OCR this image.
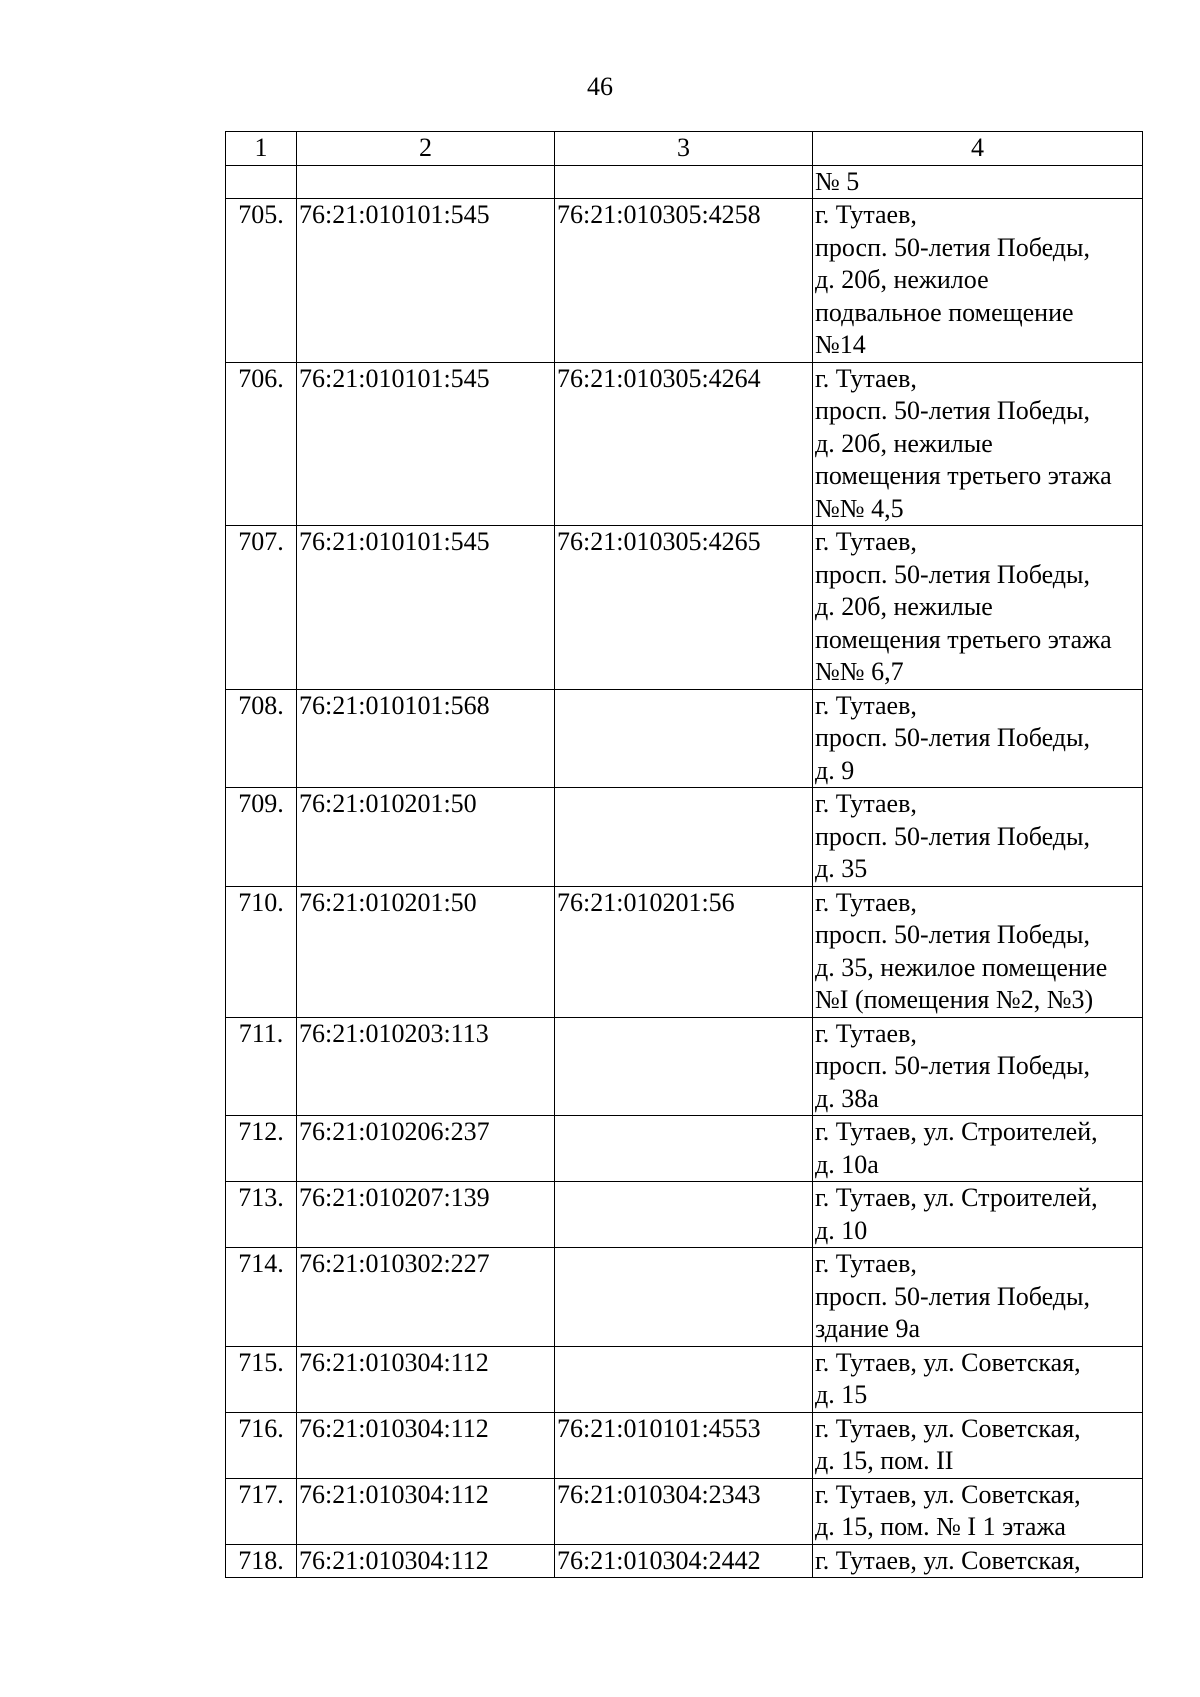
46
1	2	3	4
			№ 5
705.	76:21:010101:545	76:21:010305:4258	г. Тутаев,
просп. 50-летия Победы,
д. 20б, нежилое
подвальное помещение
№14
706.	76:21:010101:545	76:21:010305:4264	г. Тутаев,
просп. 50-летия Победы,
д. 20б, нежилые
помещения третьего этажа
№№ 4,5
707.	76:21:010101:545	76:21:010305:4265	г. Тутаев,
просп. 50-летия Победы,
д. 20б, нежилые
помещения третьего этажа
№№ 6,7
708.	76:21:010101:568		г. Тутаев,
просп. 50-летия Победы,
д. 9
709.	76:21:010201:50		г. Тутаев,
просп. 50-летия Победы,
д. 35
710.	76:21:010201:50	76:21:010201:56	г. Тутаев,
просп. 50-летия Победы,
д. 35, нежилое помещение
№I (помещения №2, №3)
711.	76:21:010203:113		г. Тутаев,
просп. 50-летия Победы,
д. 38а
712.	76:21:010206:237		г. Тутаев, ул. Строителей,
д. 10а
713.	76:21:010207:139		г. Тутаев, ул. Строителей,
д. 10
714.	76:21:010302:227		г. Тутаев,
просп. 50-летия Победы,
здание 9а
715.	76:21:010304:112		г. Тутаев, ул. Советская,
д. 15
716.	76:21:010304:112	76:21:010101:4553	г. Тутаев, ул. Советская,
д. 15, пом. II
717.	76:21:010304:112	76:21:010304:2343	г. Тутаев, ул. Советская,
д. 15, пом. № I 1 этажа
718.	76:21:010304:112	76:21:010304:2442	г. Тутаев, ул. Советская,
